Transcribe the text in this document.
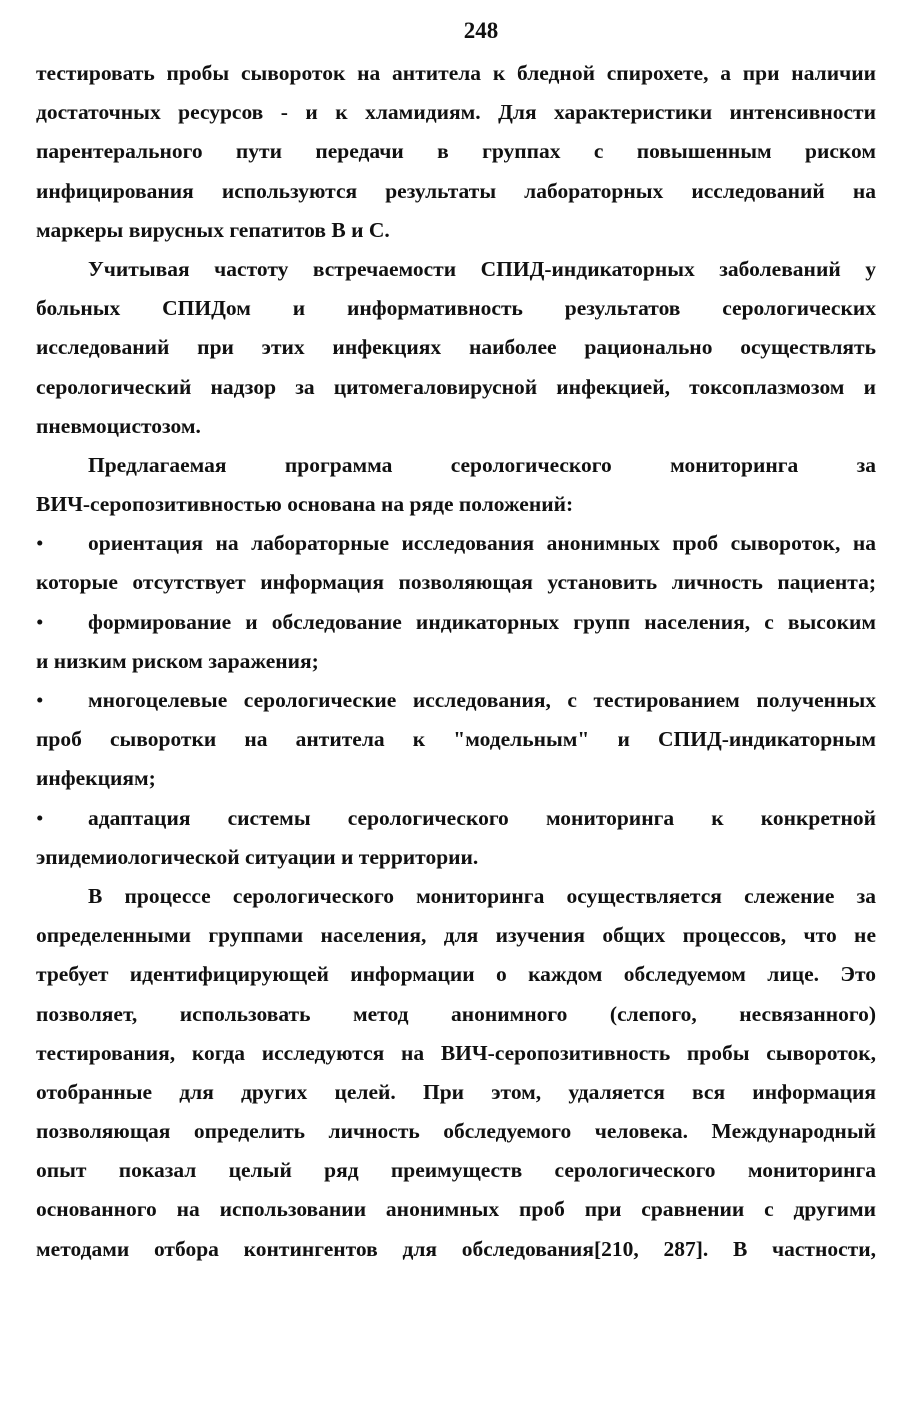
248
тестировать пробы сывороток на антитела к бледной спирохете, а при наличии
достаточных ресурсов - и к хламидиям. Для характеристики интенсивности
парентерального пути передачи в группах с повышенным риском
инфицирования используются результаты лабораторных исследований на
маркеры вирусных гепатитов В и С.
Учитывая частоту встречаемости СПИД-индикаторных заболеваний у
больных СПИДом и информативность результатов серологических
исследований при этих инфекциях наиболее рационально осуществлять
серологический надзор за цитомегаловирусной инфекцией, токсоплазмозом и
пневмоцистозом.
Предлагаемая программа серологического мониторинга за
ВИЧ-серопозитивностью основана на ряде положений:
• ориентация на лабораторные исследования анонимных проб сывороток, на
которые отсутствует информация позволяющая установить личность пациента;
• формирование и обследование индикаторных групп населения, с высоким
и низким риском заражения;
• многоцелевые серологические исследования, с тестированием полученных
проб сыворотки на антитела к "модельным" и СПИД-индикаторным
инфекциям;
• адаптация системы серологического мониторинга к конкретной
эпидемиологической ситуации и территории.
В процессе серологического мониторинга осуществляется слежение за
определенными группами населения, для изучения общих процессов, что не
требует идентифицирующей информации о каждом обследуемом лице. Это
позволяет, использовать метод анонимного (слепого, несвязанного)
тестирования, когда исследуются на ВИЧ-серопозитивность пробы сывороток,
отобранные для других целей. При этом, удаляется вся информация
позволяющая определить личность обследуемого человека. Международный
опыт показал целый ряд преимуществ серологического мониторинга
основанного на использовании анонимных проб при сравнении с другими
методами отбора контингентов для обследования[210, 287]. В частности,
